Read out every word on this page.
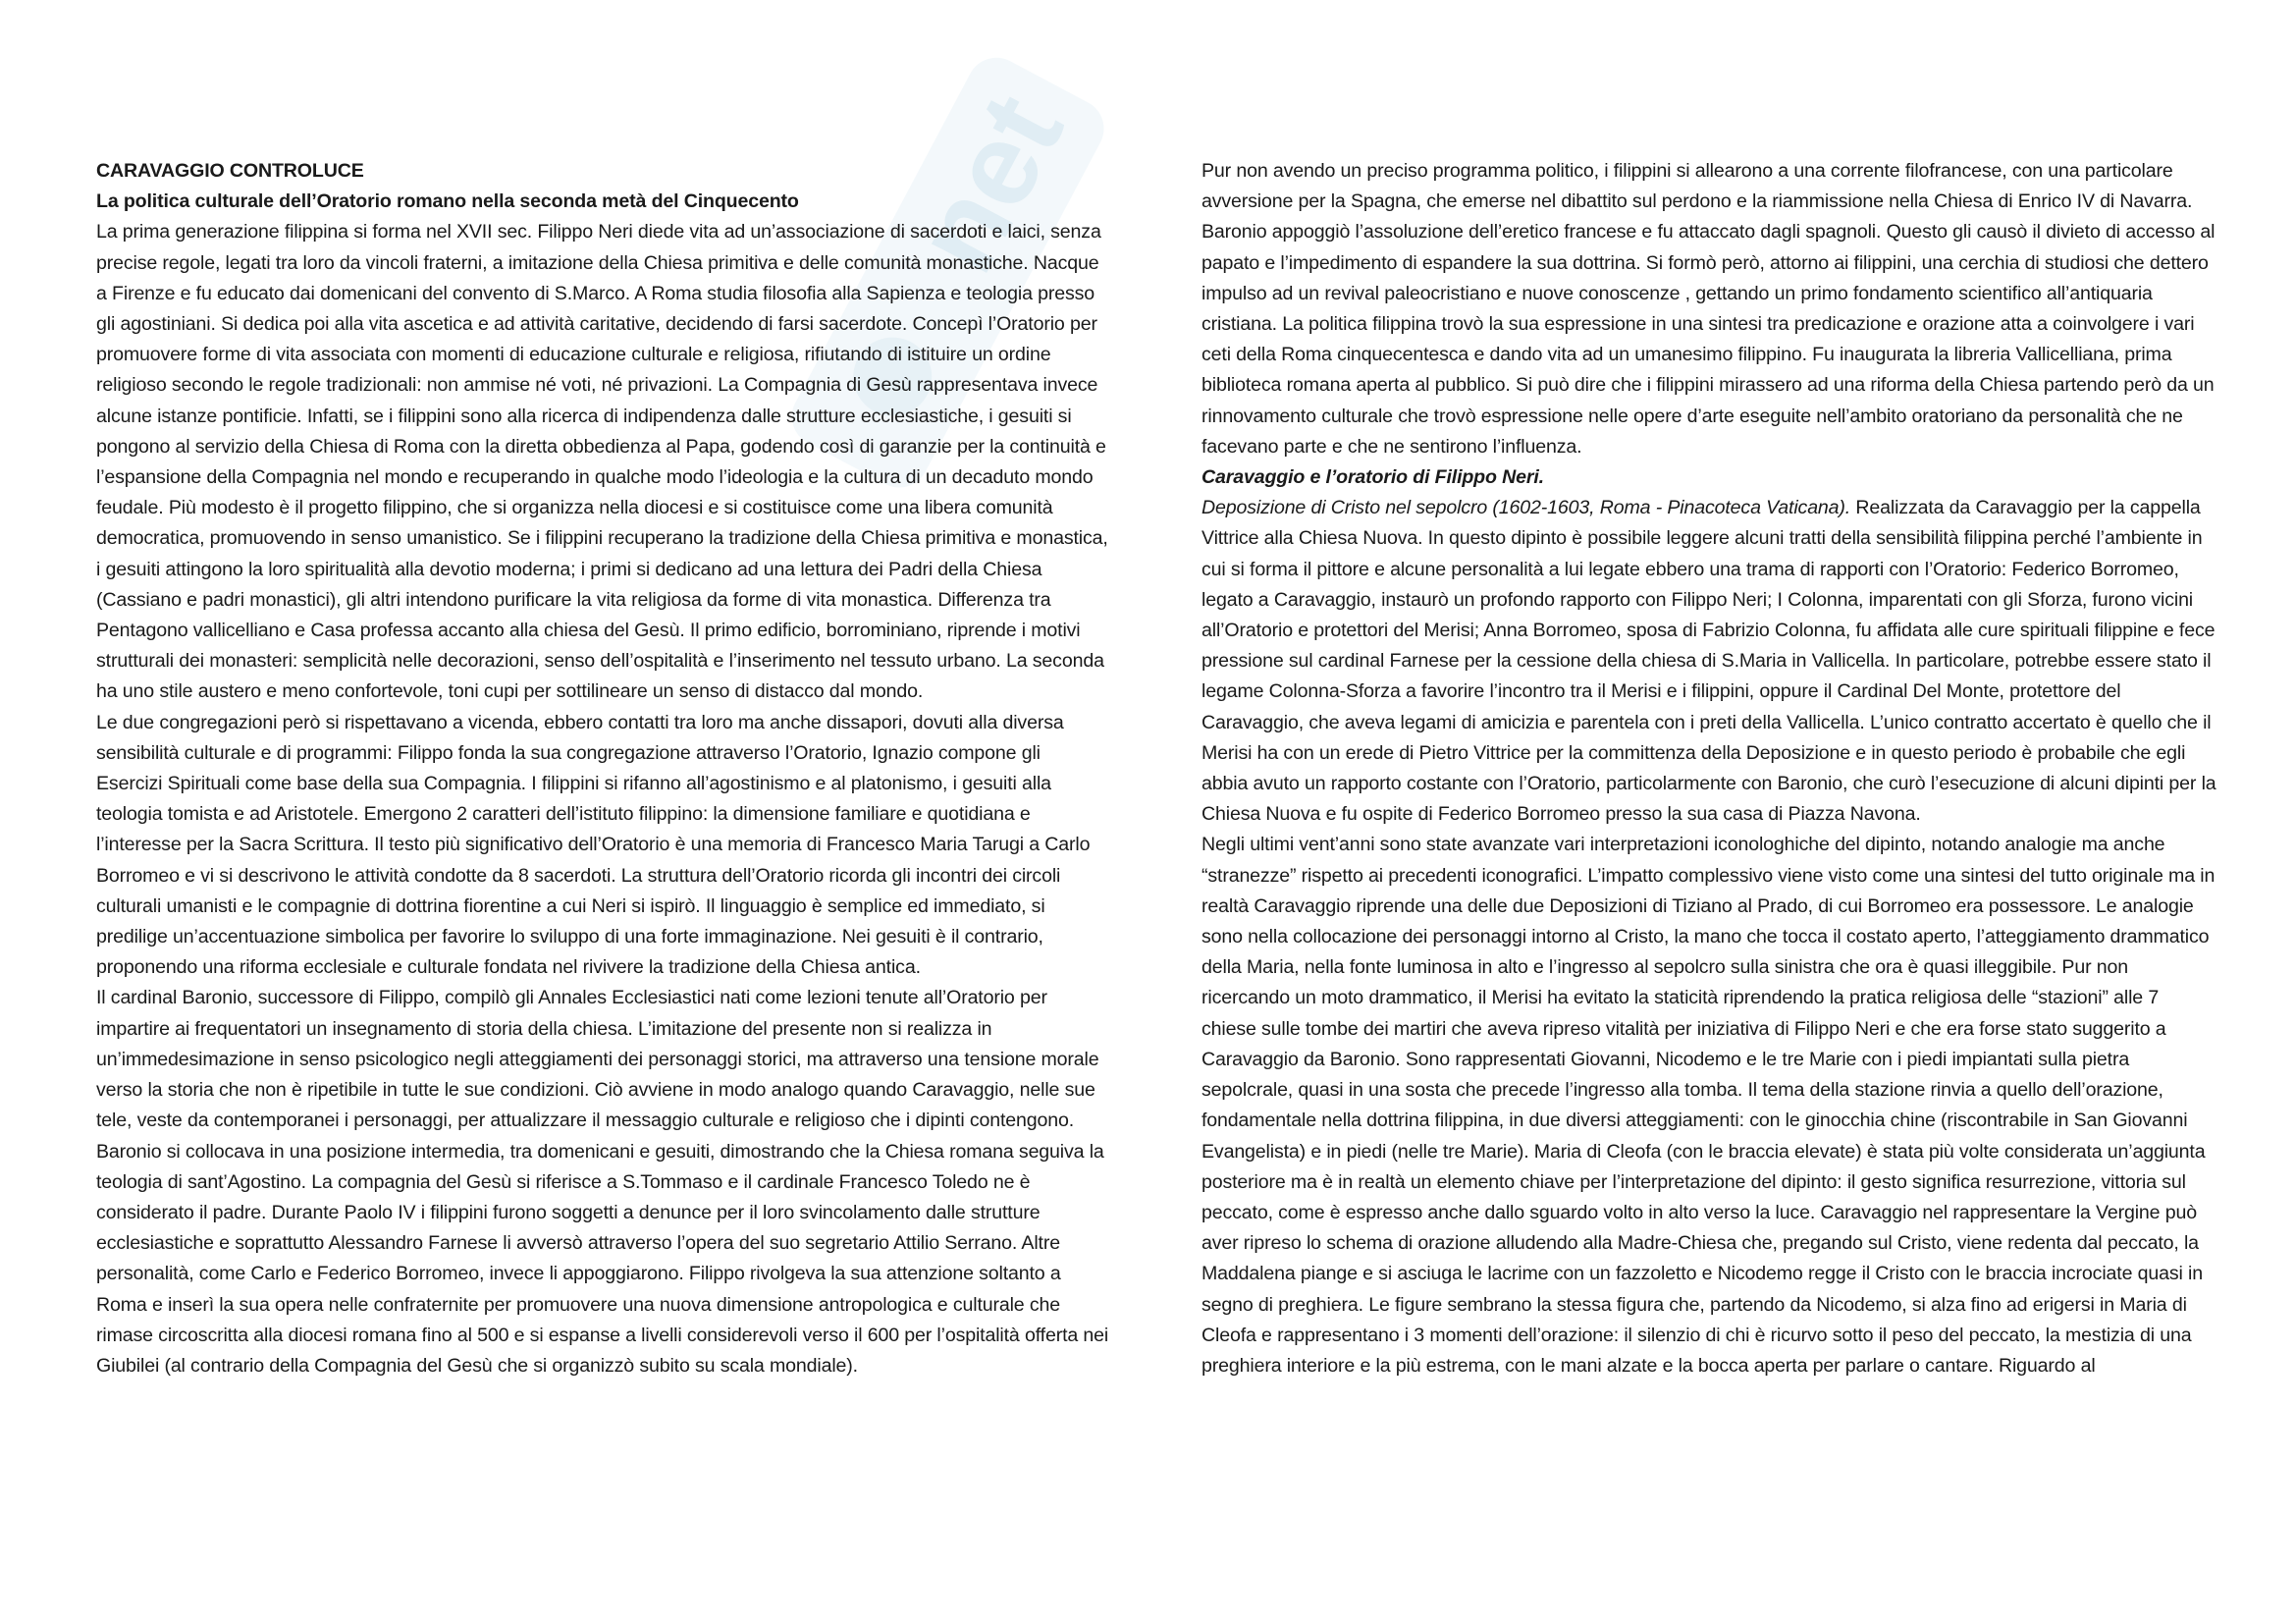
net

CARAVAGGIO CONTROLUCE

La politica culturale dell’Oratorio romano nella seconda metà del Cinquecento

La prima generazione filippina si forma nel XVII sec. Filippo Neri diede vita ad un’associazione di sacerdoti e laici, senza precise regole, legati tra loro da vincoli fraterni, a imitazione della Chiesa primitiva e delle comunità monastiche. Nacque a Firenze e fu educato dai domenicani del convento di S.Marco. A Roma studia filosofia alla Sapienza e teologia presso gli agostiniani. Si dedica poi alla vita ascetica e ad attività caritative, decidendo di farsi sacerdote. Concepì l’Oratorio per promuovere forme di vita associata con momenti di educazione culturale e religiosa, rifiutando di istituire un ordine religioso secondo le regole tradizionali: non ammise né voti, né privazioni. La Compagnia di Gesù rappresentava invece alcune istanze pontificie. Infatti, se i filippini sono alla ricerca di indipendenza dalle strutture ecclesiastiche, i gesuiti si pongono al servizio della Chiesa di Roma con la diretta obbedienza al Papa, godendo così di garanzie per la continuità e l’espansione della Compagnia nel mondo e recuperando in qualche modo l’ideologia e la cultura di un decaduto mondo feudale. Più modesto è il progetto filippino, che si organizza nella diocesi e si costituisce come una libera comunità democratica, promuovendo in senso umanistico. Se i filippini recuperano la tradizione della Chiesa primitiva e monastica, i gesuiti attingono la loro spiritualità alla devotio moderna; i primi si dedicano ad una lettura dei Padri della Chiesa (Cassiano e padri monastici), gli altri intendono purificare la vita religiosa da forme di vita monastica. Differenza tra Pentagono vallicelliano e Casa professa accanto alla chiesa del Gesù. Il primo edificio, borrominiano, riprende i motivi strutturali dei monasteri: semplicità nelle decorazioni, senso dell’ospitalità e l’inserimento nel tessuto urbano. La seconda ha uno stile austero e meno confortevole, toni cupi per sottilineare un senso di distacco dal mondo.

Le due congregazioni però si rispettavano a vicenda, ebbero contatti tra loro ma anche dissapori, dovuti alla diversa sensibilità culturale e di programmi: Filippo fonda la sua congregazione attraverso l’Oratorio, Ignazio compone gli Esercizi Spirituali come base della sua Compagnia. I filippini si rifanno all’agostinismo e al platonismo, i gesuiti alla teologia tomista e ad Aristotele. Emergono 2 caratteri dell’istituto filippino: la dimensione familiare e quotidiana e l’interesse per la Sacra Scrittura. Il testo più significativo dell’Oratorio è una memoria di Francesco Maria Tarugi a Carlo Borromeo e vi si descrivono le attività condotte da 8 sacerdoti. La struttura dell’Oratorio ricorda gli incontri dei circoli culturali umanisti e le compagnie di dottrina fiorentine a cui Neri si ispirò. Il linguaggio è semplice ed immediato, si predilige un’accentuazione simbolica per favorire lo sviluppo di una forte immaginazione. Nei gesuiti è il contrario, proponendo una riforma ecclesiale e culturale fondata nel rivivere la tradizione della Chiesa antica.

Il cardinal Baronio, successore di Filippo, compilò gli Annales Ecclesiastici nati come lezioni tenute all’Oratorio per impartire ai frequentatori un insegnamento di storia della chiesa. L’imitazione del presente non si realizza in un’immedesimazione in senso psicologico negli atteggiamenti dei personaggi storici, ma attraverso una tensione morale verso la storia che non è ripetibile in tutte le sue condizioni. Ciò avviene in modo analogo quando Caravaggio, nelle sue tele, veste da contemporanei i personaggi, per attualizzare il messaggio culturale e religioso che i dipinti contengono. Baronio si collocava in una posizione intermedia, tra domenicani e gesuiti, dimostrando che la Chiesa romana seguiva la teologia di sant’Agostino. La compagnia del Gesù si riferisce a S.Tommaso e il cardinale Francesco Toledo ne è considerato il padre. Durante Paolo IV i filippini furono soggetti a denunce per il loro svincolamento dalle strutture ecclesiastiche e soprattutto Alessandro Farnese li avversò attraverso l’opera del suo segretario Attilio Serrano. Altre personalità, come Carlo e Federico Borromeo, invece li appoggiarono. Filippo rivolgeva la sua attenzione soltanto a Roma e inserì la sua opera nelle confraternite per promuovere una nuova dimensione antropologica e culturale che rimase circoscritta alla diocesi romana fino al 500 e si espanse a livelli considerevoli verso il 600 per l’ospitalità offerta nei Giubilei (al contrario della Compagnia del Gesù che si organizzò subito su scala mondiale).

Pur non avendo un preciso programma politico, i filippini si allearono a una corrente filofrancese, con una particolare avversione per la Spagna, che emerse nel dibattito sul perdono e la riammissione nella Chiesa di Enrico IV di Navarra. Baronio appoggiò l’assoluzione dell’eretico francese e fu attaccato dagli spagnoli. Questo gli causò il divieto di accesso al papato e l’impedimento di espandere la sua dottrina. Si formò però, attorno ai filippini, una cerchia di studiosi che dettero impulso ad un revival paleocristiano e nuove conoscenze , gettando un primo fondamento scientifico all’antiquaria cristiana. La politica filippina trovò la sua espressione in una sintesi tra predicazione e orazione atta a coinvolgere i vari ceti della Roma cinquecentesca e dando vita ad un umanesimo filippino. Fu inaugurata la libreria Vallicelliana, prima biblioteca romana aperta al pubblico. Si può dire che i filippini mirassero ad una riforma della Chiesa partendo però da un rinnovamento culturale che trovò espressione nelle opere d’arte eseguite nell’ambito oratoriano da personalità che ne facevano parte e che ne sentirono l’influenza.

Caravaggio e l’oratorio di Filippo Neri.

Deposizione di Cristo nel sepolcro (1602-1603, Roma - Pinacoteca Vaticana). Realizzata da Caravaggio per la cappella Vittrice alla Chiesa Nuova. In questo dipinto è possibile leggere alcuni tratti della sensibilità filippina perché l’ambiente in cui si forma il pittore e alcune personalità a lui legate ebbero una trama di rapporti con l’Oratorio: Federico Borromeo, legato a Caravaggio, instaurò un profondo rapporto con Filippo Neri; I Colonna, imparentati con gli Sforza, furono vicini all’Oratorio e protettori del Merisi; Anna Borromeo, sposa di Fabrizio Colonna, fu affidata alle cure spirituali filippine e fece pressione sul cardinal Farnese per la cessione della chiesa di S.Maria in Vallicella. In particolare, potrebbe essere stato il legame Colonna-Sforza a favorire l’incontro tra il Merisi e i filippini, oppure il Cardinal Del Monte, protettore del Caravaggio, che aveva legami di amicizia e parentela con i preti della Vallicella. L’unico contratto accertato è quello che il Merisi ha con un erede di Pietro Vittrice per la committenza della Deposizione e in questo periodo è probabile che egli abbia avuto un rapporto costante con l’Oratorio, particolarmente con Baronio, che curò l’esecuzione di alcuni dipinti per la Chiesa Nuova e fu ospite di Federico Borromeo presso la sua casa di Piazza Navona.

Negli ultimi vent’anni sono state avanzate vari interpretazioni iconologhiche del dipinto, notando analogie ma anche “stranezze” rispetto ai precedenti iconografici. L’impatto complessivo viene visto come una sintesi del tutto originale ma in realtà Caravaggio riprende una delle due Deposizioni di Tiziano al Prado, di cui Borromeo era possessore. Le analogie sono nella collocazione dei personaggi intorno al Cristo, la mano che tocca il costato aperto, l’atteggiamento drammatico della Maria, nella fonte luminosa in alto e l’ingresso al sepolcro sulla sinistra che ora è quasi illeggibile. Pur non ricercando un moto drammatico, il Merisi ha evitato la staticità riprendendo la pratica religiosa delle “stazioni” alle 7 chiese sulle tombe dei martiri che aveva ripreso vitalità per iniziativa di Filippo Neri e che era forse stato suggerito a Caravaggio da Baronio. Sono rappresentati Giovanni, Nicodemo e le tre Marie con i piedi impiantati sulla pietra sepolcrale, quasi in una sosta che precede l’ingresso alla tomba. Il tema della stazione rinvia a quello dell’orazione, fondamentale nella dottrina filippina, in due diversi atteggiamenti: con le ginocchia chine (riscontrabile in San Giovanni Evangelista) e in piedi (nelle tre Marie). Maria di Cleofa (con le braccia elevate) è stata più volte considerata un’aggiunta posteriore ma è in realtà un elemento chiave per l’interpretazione del dipinto: il gesto significa resurrezione, vittoria sul peccato, come è espresso anche dallo sguardo volto in alto verso la luce. Caravaggio nel rappresentare la Vergine può aver ripreso lo schema di orazione alludendo alla Madre-Chiesa che, pregando sul Cristo, viene redenta dal peccato, la Maddalena piange e si asciuga le lacrime con un fazzoletto e Nicodemo regge il Cristo con le braccia incrociate quasi in segno di preghiera. Le figure sembrano la stessa figura che, partendo da Nicodemo, si alza fino ad erigersi in Maria di Cleofa e rappresentano i 3 momenti dell’orazione: il silenzio di chi è ricurvo sotto il peso del peccato, la mestizia di una preghiera interiore e la più estrema, con le mani alzate e la bocca aperta per parlare o cantare. Riguardo al
